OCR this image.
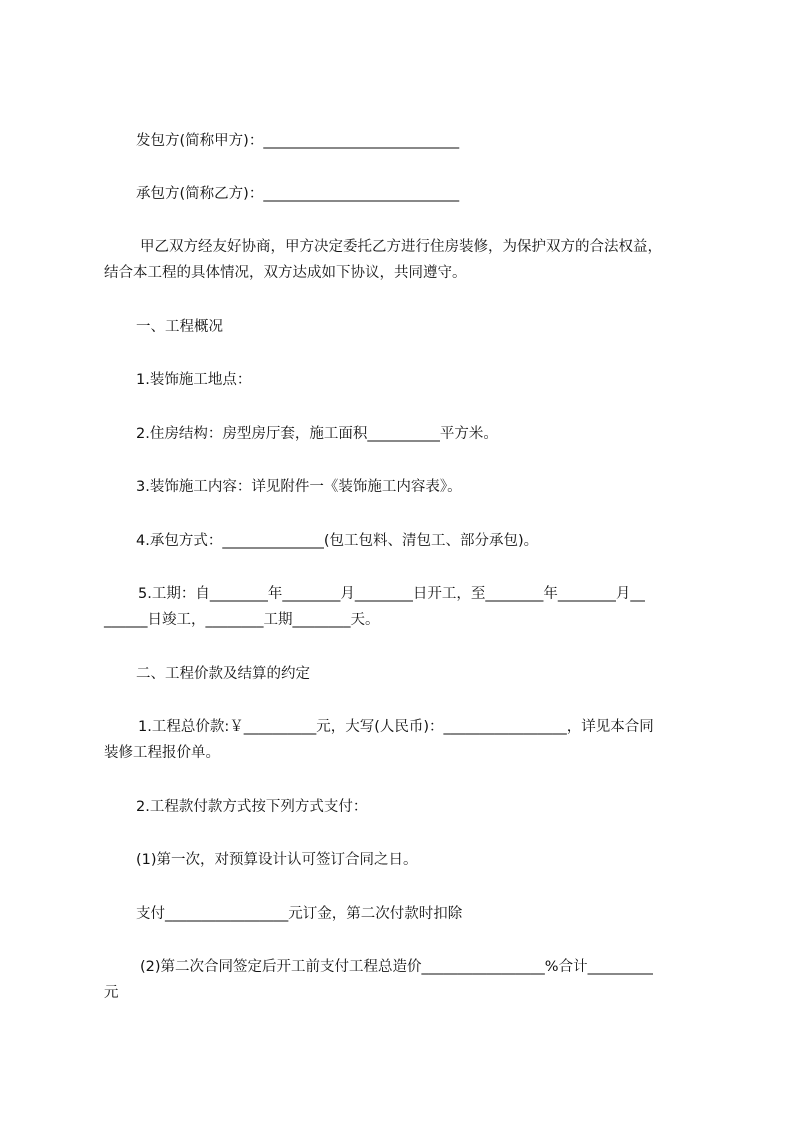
发包方(简称甲方)：___________________________
承包方(简称乙方)：___________________________
甲乙双方经友好协商，甲方决定委托乙方进行住房装修，为保护双方的合法权益，
结合本工程的具体情况，双方达成如下协议，共同遵守。
一、工程概况
1.装饰施工地点：
2.住房结构：房型房厅套，施工面积__________平方米。
3.装饰施工内容：详见附件一《装饰施工内容表》。
4.承包方式：______________(包工包料、清包工、部分承包)。
5.工期：自________年________月________日开工，至________年________月__
______日竣工，________工期________天。
二、工程价款及结算的约定
1.工程总价款:￥__________元，大写(人民币)：_________________，详见本合同
装修工程报价单。
2.工程款付款方式按下列方式支付：
(1)第一次，对预算设计认可签订合同之日。
支付_________________元订金，第二次付款时扣除
(2)第二次合同签定后开工前支付工程总造价_________________%合计_________
元
